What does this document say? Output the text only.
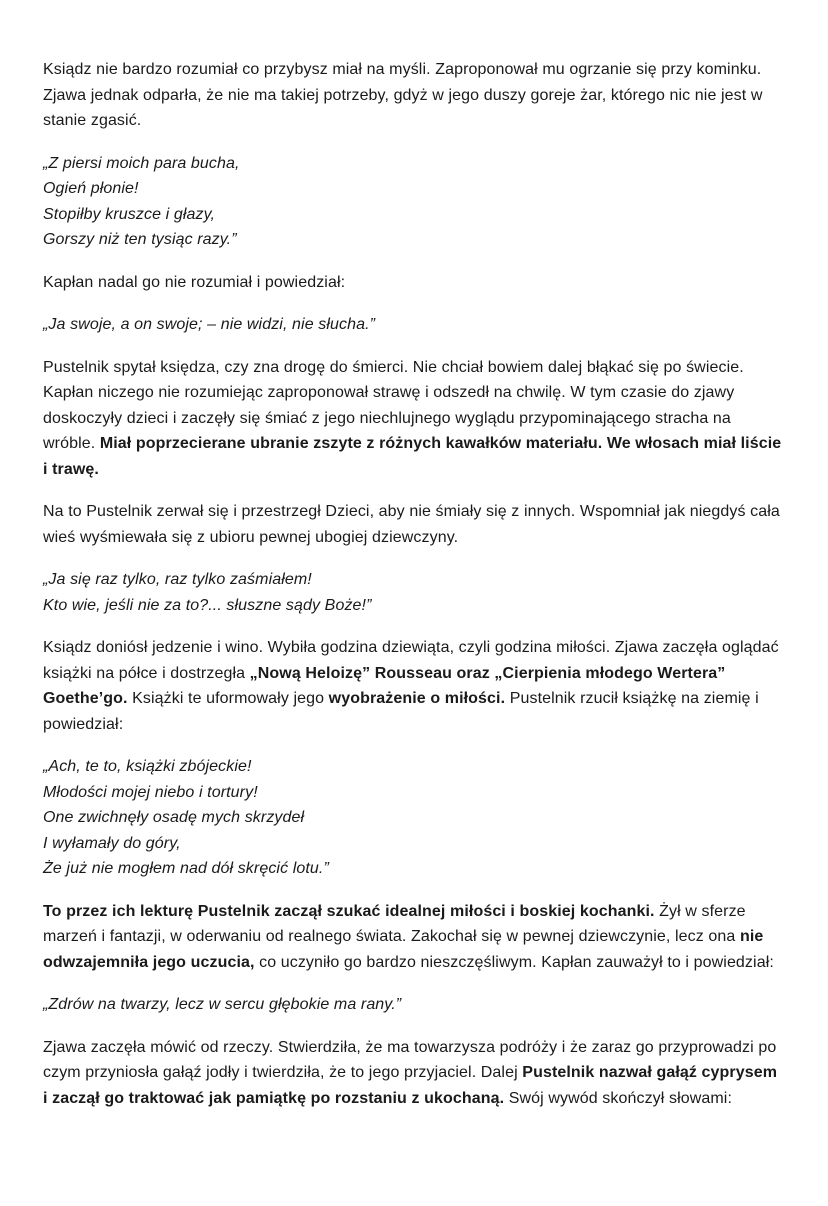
Ksiądz nie bardzo rozumiał co przybysz miał na myśli. Zaproponował mu ogrzanie się przy kominku. Zjawa jednak odparła, że nie ma takiej potrzeby, gdyż w jego duszy goreje żar, którego nic nie jest w stanie zgasić.

„Z piersi moich para bucha,
Ogień płonie!
Stopiłby kruszce i głazy,
Gorszy niż ten tysiąc razy.”

Kapłan nadal go nie rozumiał i powiedział:

„Ja swoje, a on swoje; – nie widzi, nie słucha.”

Pustelnik spytał księdza, czy zna drogę do śmierci. Nie chciał bowiem dalej błąkać się po świecie. Kapłan niczego nie rozumiejąc zaproponował strawę i odszedł na chwilę. W tym czasie do zjawy doskoczyły dzieci i zaczęły się śmiać z jego niechlujnego wyglądu przypominającego stracha na wróble. Miał poprzecierane ubranie zszyte z różnych kawałków materiału. We włosach miał liście i trawę.

Na to Pustelnik zerwał się i przestrzegł Dzieci, aby nie śmiały się z innych. Wspomniał jak niegdyś cała wieś wyśmiewała się z ubioru pewnej ubogiej dziewczyny.

„Ja się raz tylko, raz tylko zaśmiałem!
Kto wie, jeśli nie za to?... słuszne sądy Boże!”

Ksiądz doniósł jedzenie i wino. Wybiła godzina dziewiąta, czyli godzina miłości. Zjawa zaczęła oglądać książki na półce i dostrzegła „Nową Heloizę” Rousseau oraz „Cierpienia młodego Wertera” Goethe’go. Książki te uformowały jego wyobrażenie o miłości. Pustelnik rzucił książkę na ziemię i powiedział:

„Ach, te to, książki zbójeckie!
Młodości mojej niebo i tortury!
One zwichnęły osadę mych skrzydeł
I wyłamały do góry,
Że już nie mogłem nad dół skręcić lotu.”

To przez ich lekturę Pustelnik zaczął szukać idealnej miłości i boskiej kochanki. Żył w sferze marzeń i fantazji, w oderwaniu od realnego świata. Zakochał się w pewnej dziewczynie, lecz ona nie odwzajemniła jego uczucia, co uczyniło go bardzo nieszczęśliwym. Kapłan zauważył to i powiedział:

„Zdrów na twarzy, lecz w sercu głębokie ma rany.”

Zjawa zaczęła mówić od rzeczy. Stwierdziła, że ma towarzysza podróży i że zaraz go przyprowadzi po czym przyniosła gałąź jodły i twierdziła, że to jego przyjaciel. Dalej Pustelnik nazwał gałąź cyprysem i zaczął go traktować jak pamiątkę po rozstaniu z ukochaną. Swój wywód skończył słowami:
